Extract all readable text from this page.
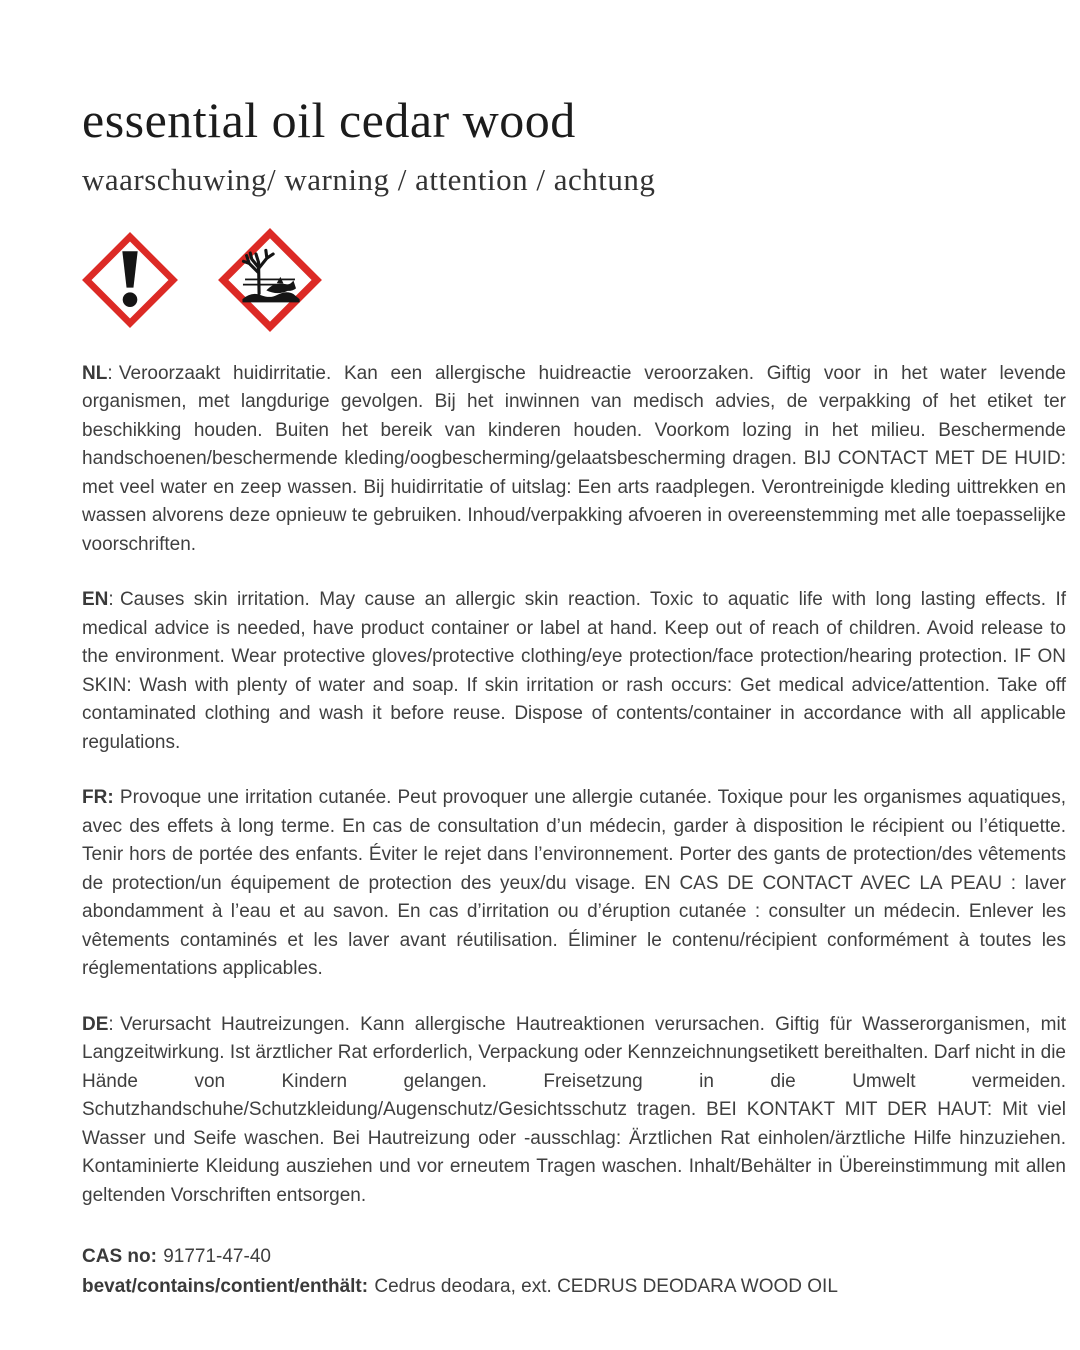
essential oil cedar wood
waarschuwing/ warning / attention / achtung

NL: Veroorzaakt huidirritatie. Kan een allergische huidreactie veroorzaken. Giftig voor in het water levende organismen, met langdurige gevolgen. Bij het inwinnen van medisch advies, de verpakking of het etiket ter beschikking houden. Buiten het bereik van kinderen houden. Voorkom lozing in het milieu. Beschermende handschoenen/beschermende kleding/oogbescherming/gelaatsbescherming dragen. BIJ CONTACT MET DE HUID: met veel water en zeep wassen. Bij huidirritatie of uitslag: Een arts raadplegen. Verontreinigde kleding uittrekken en wassen alvorens deze opnieuw te gebruiken. Inhoud/verpakking afvoeren in overeenstemming met alle toepasselijke voorschriften.

EN: Causes skin irritation. May cause an allergic skin reaction. Toxic to aquatic life with long lasting effects. If medical advice is needed, have product container or label at hand. Keep out of reach of children. Avoid release to the environment. Wear protective gloves/protective clothing/eye protection/face protection/hearing protection. IF ON SKIN: Wash with plenty of water and soap. If skin irritation or rash occurs: Get medical advice/attention. Take off contaminated clothing and wash it before reuse. Dispose of contents/container in accordance with all applicable regulations.

FR: Provoque une irritation cutanée. Peut provoquer une allergie cutanée. Toxique pour les organismes aquatiques, avec des effets à long terme. En cas de consultation d’un médecin, garder à disposition le récipient ou l’étiquette. Tenir hors de portée des enfants. Éviter le rejet dans l’environnement. Porter des gants de protection/des vêtements de protection/un équipement de protection des yeux/du visage. EN CAS DE CONTACT AVEC LA PEAU : laver abondamment à l’eau et au savon. En cas d’irritation ou d’éruption cutanée : consulter un médecin. Enlever les vêtements contaminés et les laver avant réutilisation. Éliminer le contenu/récipient conformément à toutes les réglementations applicables.

DE: Verursacht Hautreizungen. Kann allergische Hautreaktionen verursachen. Giftig für Wasserorganismen, mit Langzeitwirkung. Ist ärztlicher Rat erforderlich, Verpackung oder Kennzeichnungsetikett bereithalten. Darf nicht in die Hände von Kindern gelangen. Freisetzung in die Umwelt vermeiden. Schutzhandschuhe/Schutzkleidung/Augenschutz/Gesichtsschutz tragen. BEI KONTAKT MIT DER HAUT: Mit viel Wasser und Seife waschen. Bei Hautreizung oder -ausschlag: Ärztlichen Rat einholen/ärztliche Hilfe hinzuziehen. Kontaminierte Kleidung ausziehen und vor erneutem Tragen waschen. Inhalt/Behälter in Übereinstimmung mit allen geltenden Vorschriften entsorgen.

CAS no: 91771-47-40

bevat/contains/contient/enthält: Cedrus deodara, ext. CEDRUS DEODARA WOOD OIL
